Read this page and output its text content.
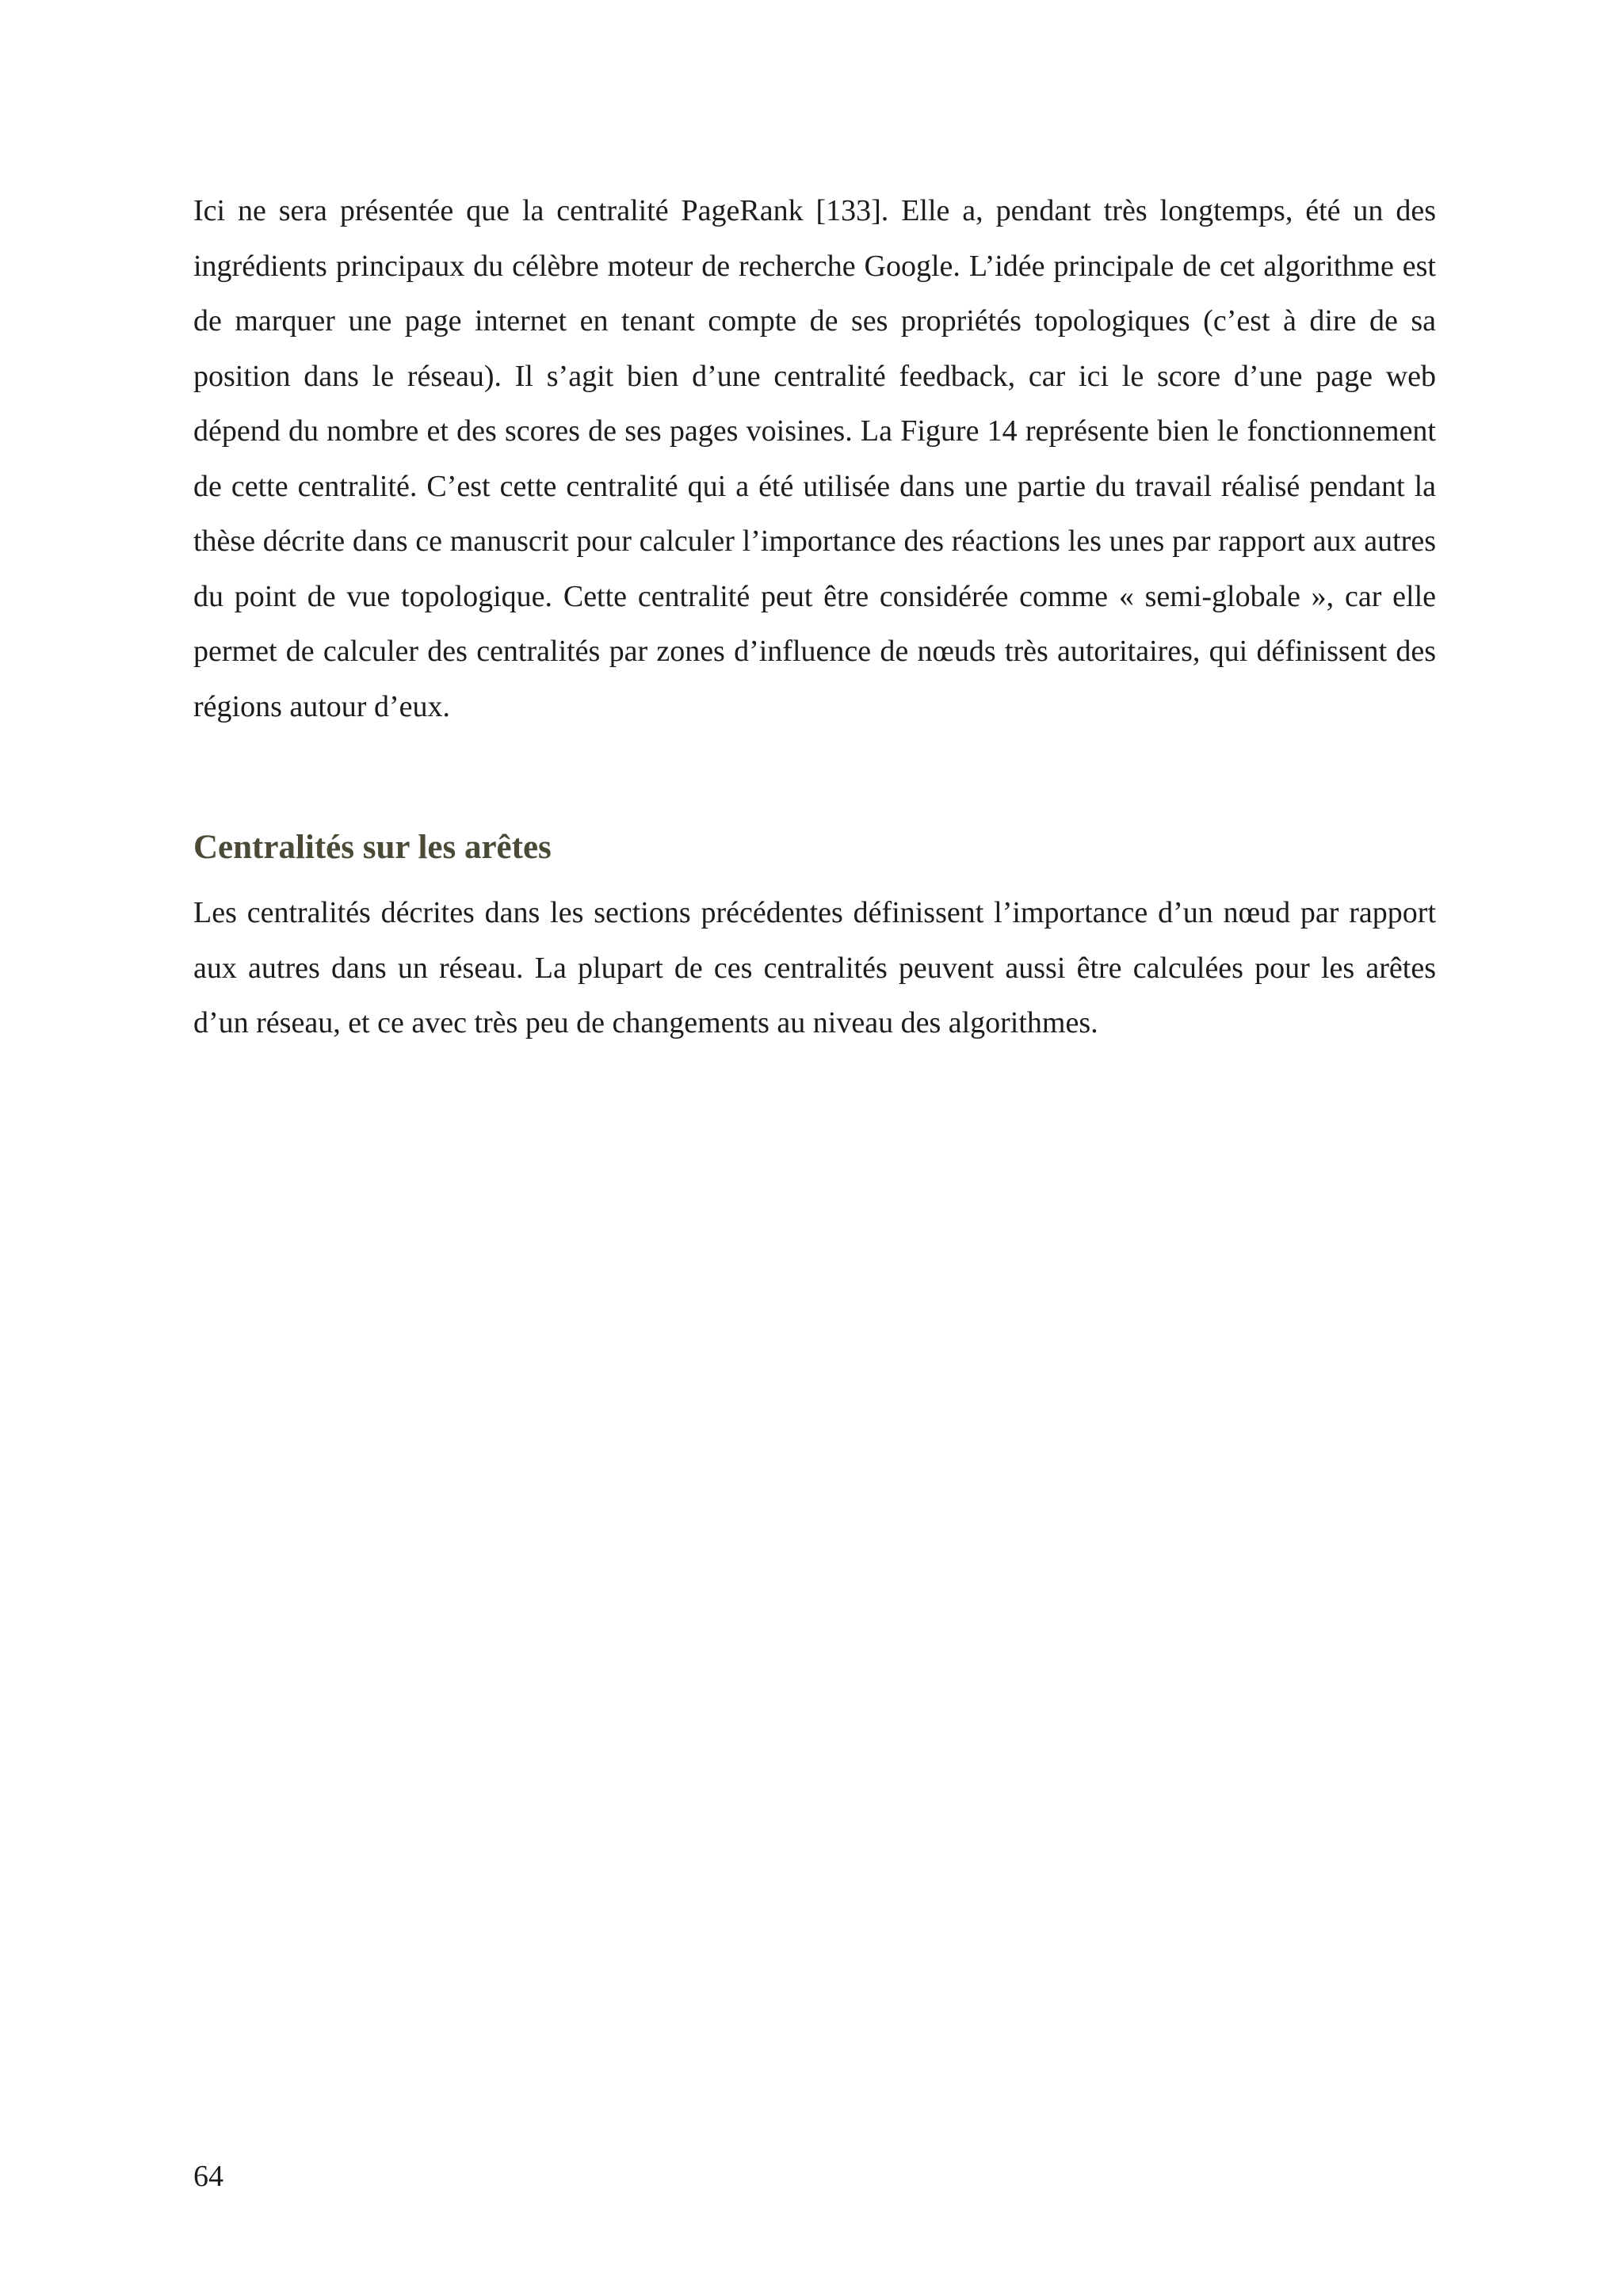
Ici ne sera présentée que la centralité PageRank [133]. Elle a, pendant très longtemps, été un des ingrédients principaux du célèbre moteur de recherche Google. L’idée principale de cet algorithme est de marquer une page internet en tenant compte de ses propriétés topologiques (c’est à dire de sa position dans le réseau). Il s’agit bien d’une centralité feedback, car ici le score d’une page web dépend du nombre et des scores de ses pages voisines. La Figure 14 représente bien le fonctionnement de cette centralité. C’est cette centralité qui a été utilisée dans une partie du travail réalisé pendant la thèse décrite dans ce manuscrit pour calculer l’importance des réactions les unes par rapport aux autres du point de vue topologique. Cette centralité peut être considérée comme « semi-globale », car elle permet de calculer des centralités par zones d’influence de nœuds très autoritaires, qui définissent des régions autour d’eux.

Centralités sur les arêtes

Les centralités décrites dans les sections précédentes définissent l’importance d’un nœud par rapport aux autres dans un réseau. La plupart de ces centralités peuvent aussi être calculées pour les arêtes d’un réseau, et ce avec très peu de changements au niveau des algorithmes.

64
